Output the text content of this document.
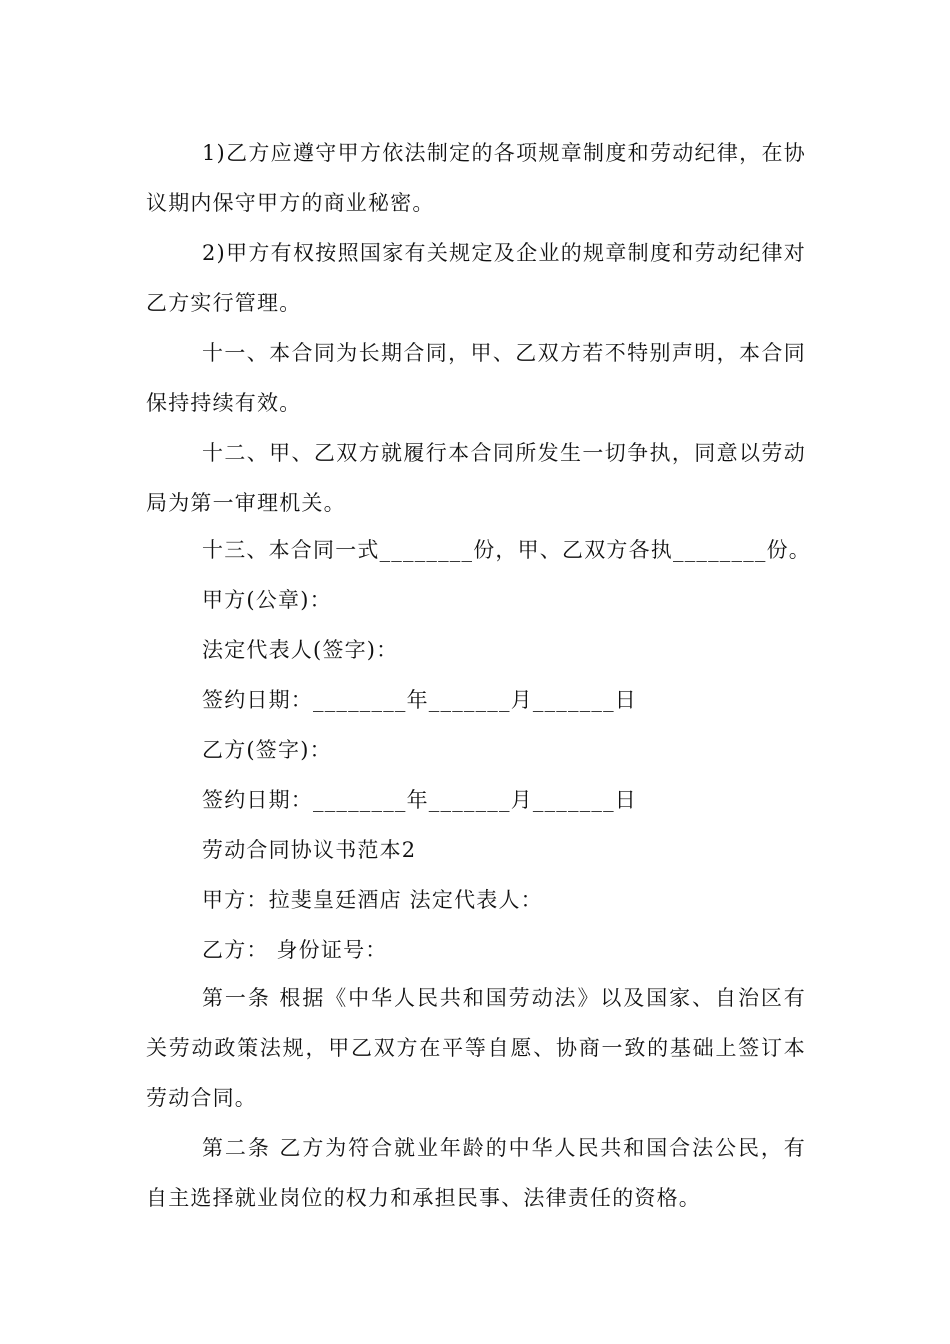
1)乙方应遵守甲方依法制定的各项规章制度和劳动纪律，在协议期内保守甲方的商业秘密。
2)甲方有权按照国家有关规定及企业的规章制度和劳动纪律对乙方实行管理。
十一、本合同为长期合同，甲、乙双方若不特别声明，本合同保持持续有效。
十二、甲、乙双方就履行本合同所发生一切争执，同意以劳动局为第一审理机关。
十三、本合同一式________份，甲、乙双方各执________份。
甲方(公章)：
法定代表人(签字)：
签约日期：________年_______月_______日
乙方(签字)：
签约日期：________年_______月_______日
劳动合同协议书范本2
甲方：拉斐皇廷酒店 法定代表人：
乙方： 身份证号：
第一条 根据《中华人民共和国劳动法》以及国家、自治区有关劳动政策法规，甲乙双方在平等自愿、协商一致的基础上签订本劳动合同。
第二条 乙方为符合就业年龄的中华人民共和国合法公民，有自主选择就业岗位的权力和承担民事、法律责任的资格。
